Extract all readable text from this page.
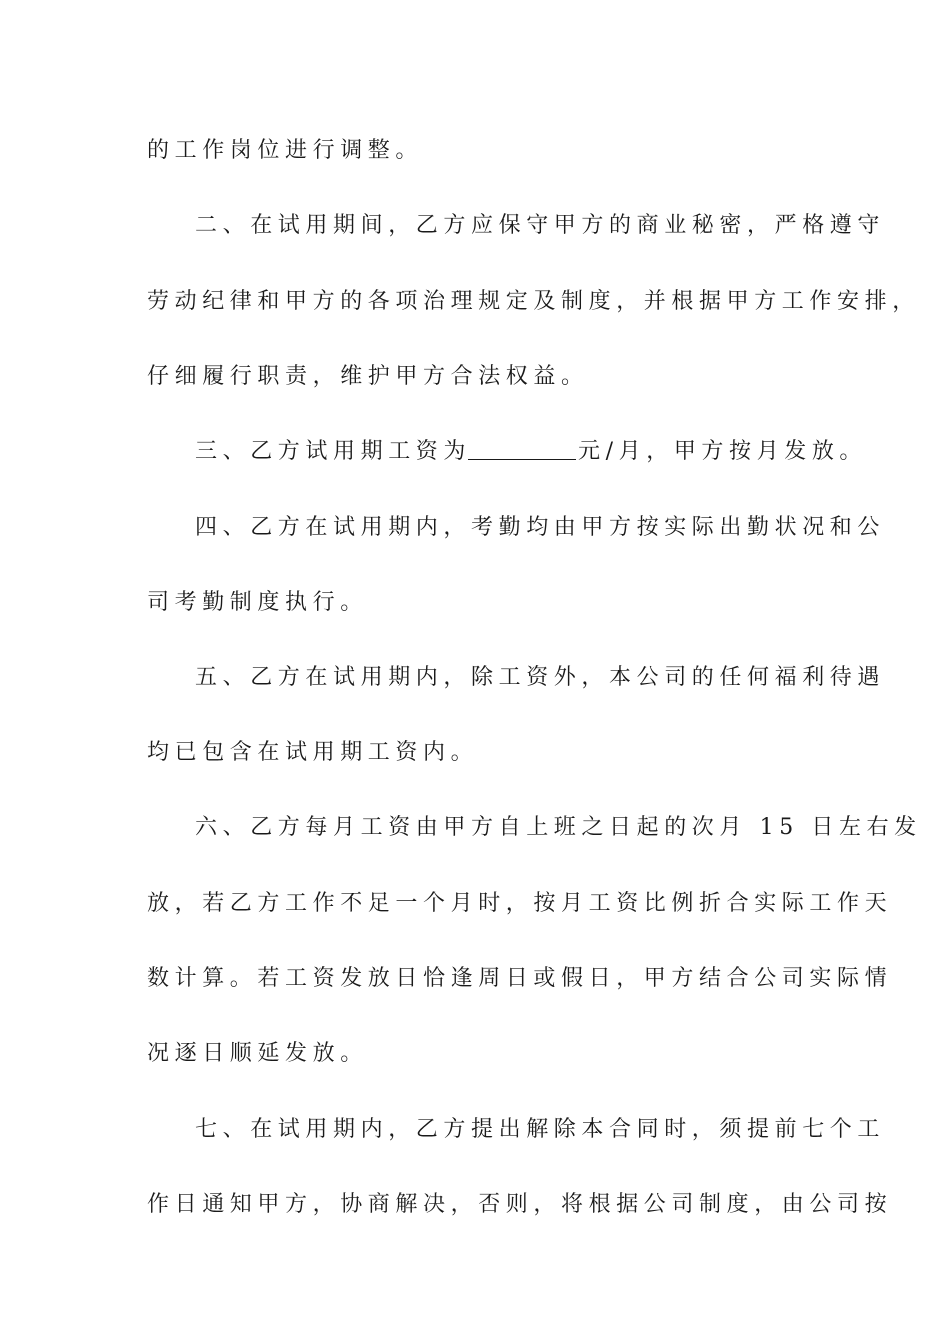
的工作岗位进行调整。
二、在试用期间，乙方应保守甲方的商业秘密，严格遵守
劳动纪律和甲方的各项治理规定及制度，并根据甲方工作安排，
仔细履行职责，维护甲方合法权益。
三、乙方试用期工资为	元/月，甲方按月发放。
四、乙方在试用期内，考勤均由甲方按实际出勤状况和公
司考勤制度执行。
五、乙方在试用期内，除工资外，本公司的任何福利待遇
均已包含在试用期工资内。
六、乙方每月工资由甲方自上班之日起的次月 15 日左右发
放，若乙方工作不足一个月时，按月工资比例折合实际工作天
数计算。若工资发放日恰逢周日或假日，甲方结合公司实际情
况逐日顺延发放。
七、在试用期内，乙方提出解除本合同时，须提前七个工
作日通知甲方，协商解决，否则，将根据公司制度，由公司按
